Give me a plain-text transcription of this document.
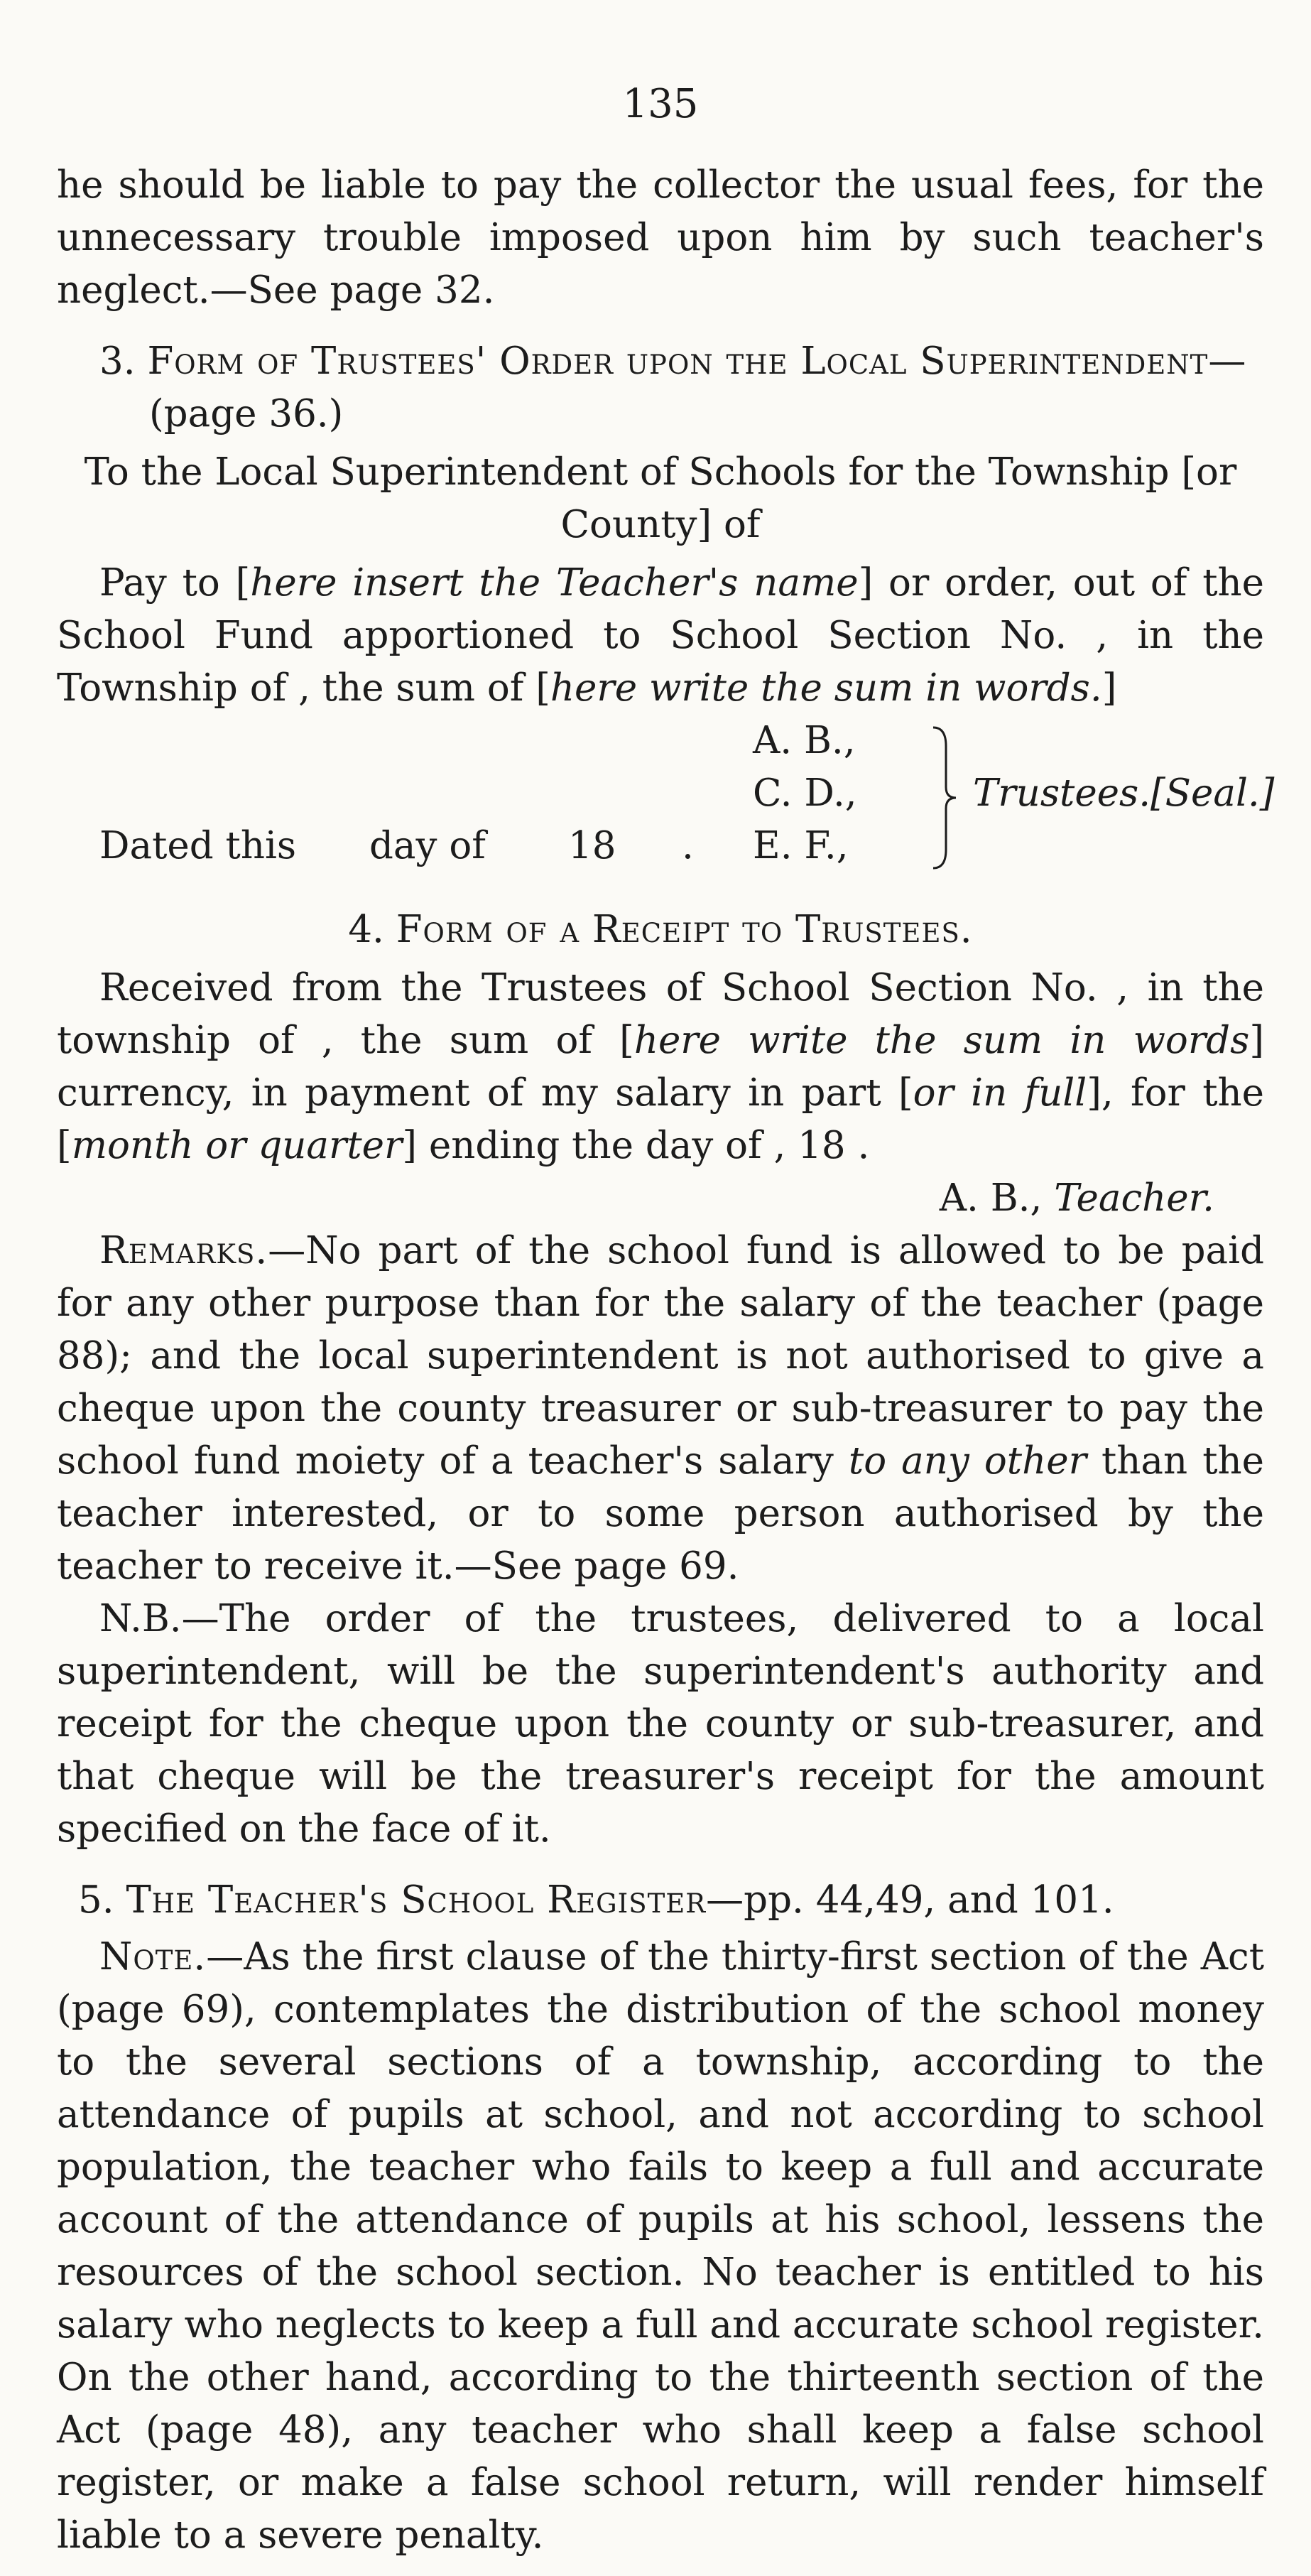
135

he should be liable to pay the collector the usual fees, for the unnecessary trouble imposed upon him by such teacher's neglect.—See page 32.

3. Form of Trustees' Order upon the Local Superintendent—(page 36.)

To the Local Superintendent of Schools for the Township [or County] of

Pay to [here insert the Teacher's name] or order, out of the School Fund apportioned to School Section No. , in the Township of , the sum of [here write the sum in words.]

A. B.,
C. D.,
E. F.,
Trustees. [Seal.]
Dated this day of 18 .

4. Form of a Receipt to Trustees.

Received from the Trustees of School Section No. , in the township of , the sum of [here write the sum in words] currency, in payment of my salary in part [or in full], for the [month or quarter] ending the day of , 18 .

A. B., Teacher.

Remarks.—No part of the school fund is allowed to be paid for any other purpose than for the salary of the teacher (page 88); and the local superintendent is not authorised to give a cheque upon the county treasurer or sub-treasurer to pay the school fund moiety of a teacher's salary to any other than the teacher interested, or to some person authorised by the teacher to receive it.—See page 69.

N.B.—The order of the trustees, delivered to a local superintendent, will be the superintendent's authority and receipt for the cheque upon the county or sub-treasurer, and that cheque will be the treasurer's receipt for the amount specified on the face of it.

5. The Teacher's School Register—pp. 44,49, and 101.

Note.—As the first clause of the thirty-first section of the Act (page 69), contemplates the distribution of the school money to the several sections of a township, according to the attendance of pupils at school, and not according to school population, the teacher who fails to keep a full and accurate account of the attendance of pupils at his school, lessens the resources of the school section. No teacher is entitled to his salary who neglects to keep a full and accurate school register. On the other hand, according to the thirteenth section of the Act (page 48), any teacher who shall keep a false school register, or make a false school return, will render himself liable to a severe penalty.
